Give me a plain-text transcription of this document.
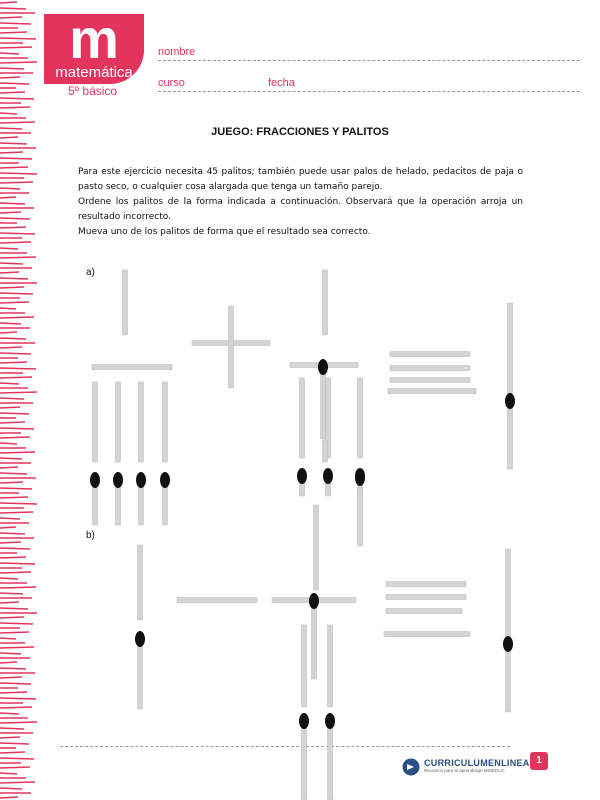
m
matemática
5º básico
nombre
curso	fecha
JUEGO: FRACCIONES Y PALITOS

Para este ejercicio necesita 45 palitos; también puede usar palos de helado, pedacitos de paja o pasto seco, o cualquier cosa alargada que tenga un tamaño parejo.

Ordene los palitos de la forma indicada a continuación. Observará que la operación arroja un resultado incorrecto.

Mueva uno de los palitos de forma que el resultado sea correcto.

a)
b)
CURRICULUMENLINEA
Recursos para el aprendizaje MINEDUC
1
